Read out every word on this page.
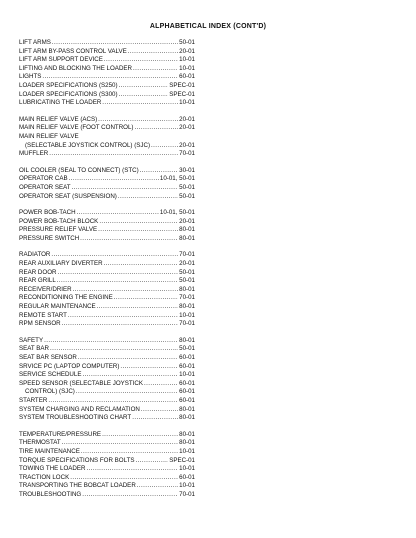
ALPHABETICAL INDEX (CONT'D)
LIFT ARMS .....	50-01
LIFT ARM BY-PASS CONTROL VALVE .....	20-01
LIFT ARM SUPPORT DEVICE .....	10-01
LIFTING AND BLOCKING THE LOADER .....	10-01
LIGHTS .....	60-01
LOADER SPECIFICATIONS (S250) .....	SPEC-01
LOADER SPECIFICATIONS (S300) .....	SPEC-01
LUBRICATING THE LOADER .....	10-01
MAIN RELIEF VALVE (ACS) .....	20-01
MAIN RELIEF VALVE (FOOT CONTROL) .....	20-01
MAIN RELIEF VALVE
(SELECTABLE JOYSTICK CONTROL) (SJC) .....	20-01
MUFFLER .....	70-01
OIL COOLER (SEAL TO CONNECT) (STC) .....	30-01
OPERATOR CAB .....	10-01, 50-01
OPERATOR SEAT .....	50-01
OPERATOR SEAT (SUSPENSION) .....	50-01
POWER BOB-TACH .....	10-01, 50-01
POWER BOB-TACH BLOCK .....	20-01
PRESSURE RELIEF VALVE .....	80-01
PRESSURE SWITCH .....	80-01
RADIATOR .....	70-01
REAR AUXILIARY DIVERTER .....	20-01
REAR DOOR .....	50-01
REAR GRILL .....	50-01
RECEIVER/DRIER .....	80-01
RECONDITIONING THE ENGINE .....	70-01
REGULAR MAINTENANCE .....	80-01
REMOTE START .....	10-01
RPM SENSOR .....	70-01
SAFETY .....	80-01
SEAT BAR .....	50-01
SEAT BAR SENSOR .....	60-01
SRVICE PC (LAPTOP COMPUTER) .....	60-01
SERVICE SCHEDULE .....	10-01
SPEED SENSOR (SELECTABLE JOYSTICK .....	60-01
CONTROL) (SJC) .....	60-01
STARTER .....	60-01
SYSTEM CHARGING AND RECLAMATION .....	80-01
SYSTEM TROUBLESHOOTING CHART .....	80-01
TEMPERATURE/PRESSURE .....	80-01
THERMOSTAT .....	80-01
TIRE MAINTENANCE .....	10-01
TORQUE SPECIFICATIONS FOR BOLTS .....	SPEC-01
TOWING THE LOADER .....	10-01
TRACTION LOCK .....	60-01
TRANSPORTING THE BOBCAT LOADER .....	10-01
TROUBLESHOOTING .....	70-01
